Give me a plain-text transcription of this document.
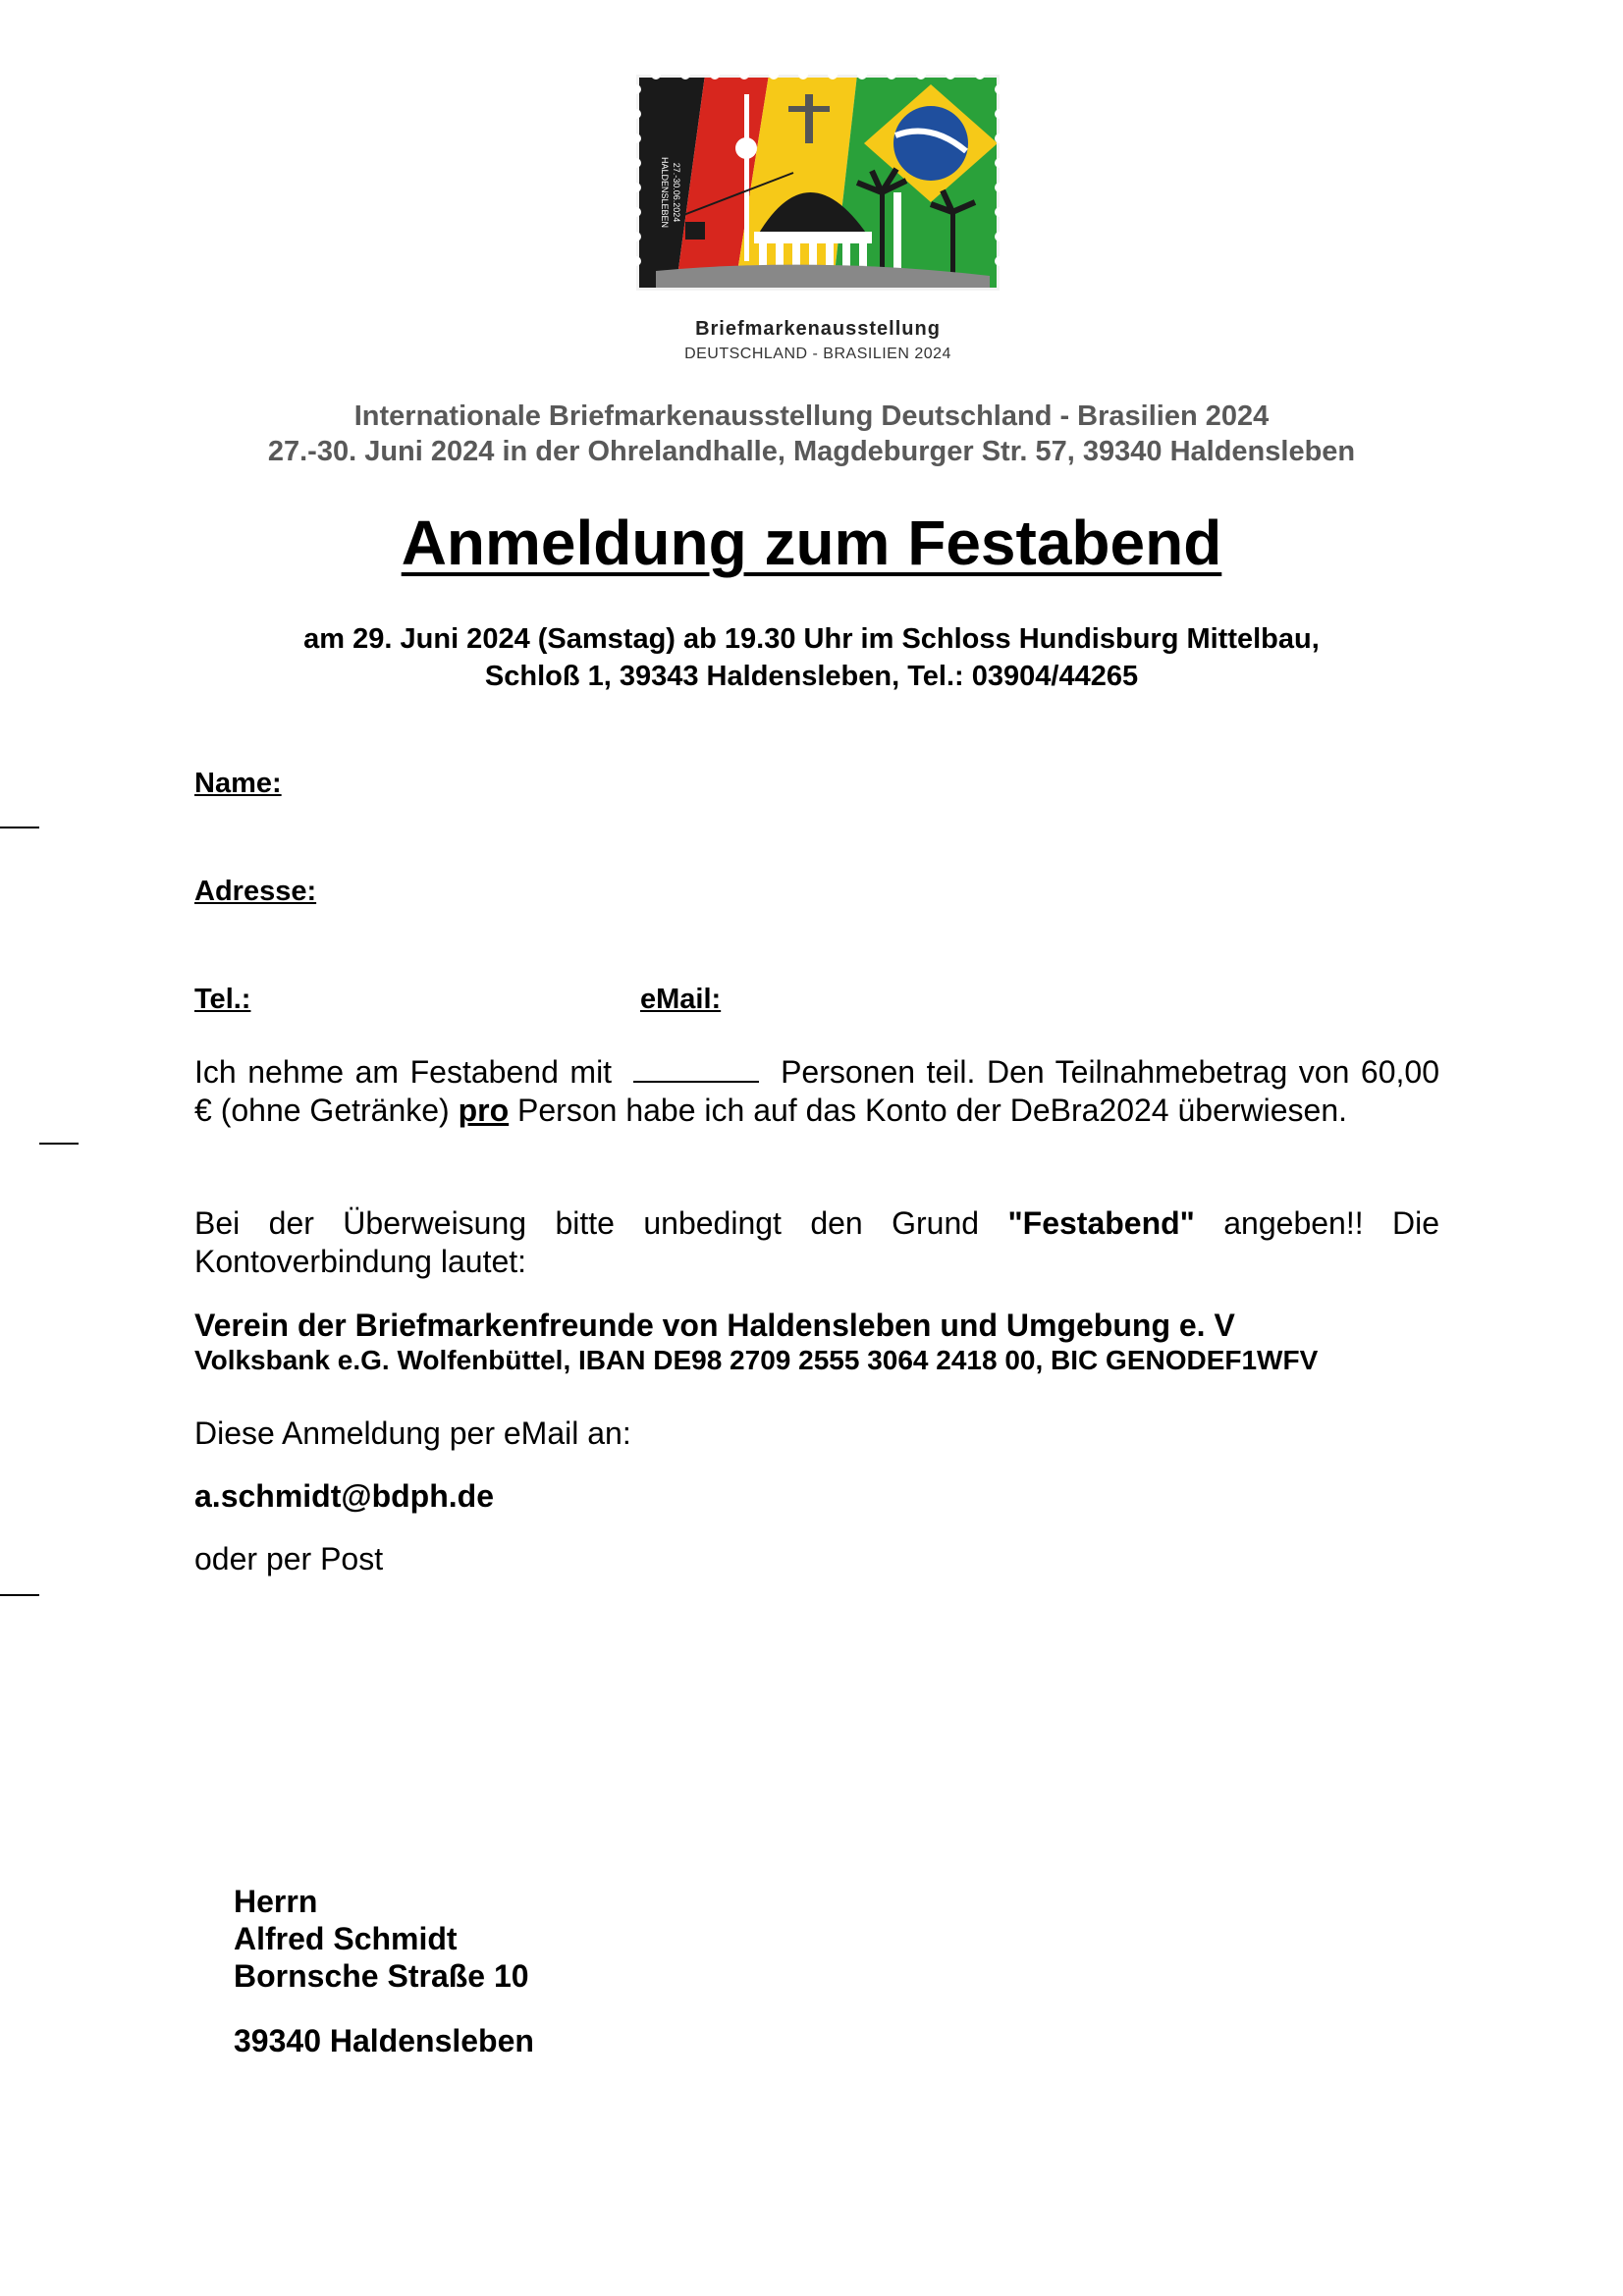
27.-30.06.2024
HALDENSLEBEN
Briefmarkenausstellung
DEUTSCHLAND - BRASILIEN 2024
Internationale Briefmarkenausstellung Deutschland - Brasilien 2024
27.-30. Juni 2024 in der Ohrelandhalle, Magdeburger Str. 57, 39340 Haldensleben
Anmeldung zum Festabend
am 29. Juni 2024 (Samstag) ab 19.30 Uhr im Schloss Hundisburg Mittelbau,
Schloß 1, 39343 Haldensleben, Tel.: 03904/44265
Name:
Adresse:
Tel.:	eMail:
Ich nehme am Festabend mit	Personen teil. Den Teilnahmebetrag von 60,00 € (ohne Getränke) pro Person habe ich auf das Konto der DeBra2024 überwiesen.
Bei der Überweisung bitte unbedingt den Grund "Festabend" angeben!! Die Kontoverbindung lautet:
Verein der Briefmarkenfreunde von Haldensleben und Umgebung e. V
Volksbank e.G. Wolfenbüttel, IBAN DE98 2709 2555 3064 2418 00, BIC GENODEF1WFV
Diese Anmeldung per eMail an:
a.schmidt@bdph.de
oder per Post
Herrn
Alfred Schmidt
Bornsche Straße 10
39340 Haldensleben
